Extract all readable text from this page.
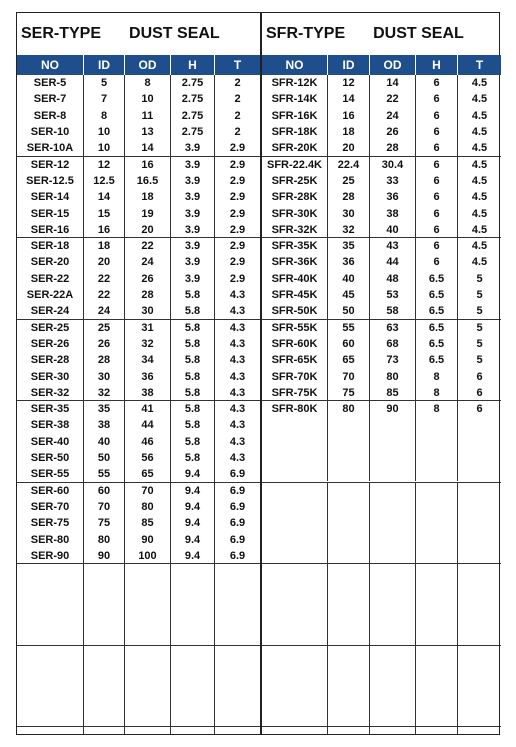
SER-TYPE DUST SEAL
NO	ID	OD	H	T
SER-5	5	8	2.75	2
SER-7	7	10	2.75	2
SER-8	8	11	2.75	2
SER-10	10	13	2.75	2
SER-10A	10	14	3.9	2.9
SER-12	12	16	3.9	2.9
SER-12.5	12.5	16.5	3.9	2.9
SER-14	14	18	3.9	2.9
SER-15	15	19	3.9	2.9
SER-16	16	20	3.9	2.9
SER-18	18	22	3.9	2.9
SER-20	20	24	3.9	2.9
SER-22	22	26	3.9	2.9
SER-22A	22	28	5.8	4.3
SER-24	24	30	5.8	4.3
SER-25	25	31	5.8	4.3
SER-26	26	32	5.8	4.3
SER-28	28	34	5.8	4.3
SER-30	30	36	5.8	4.3
SER-32	32	38	5.8	4.3
SER-35	35	41	5.8	4.3
SER-38	38	44	5.8	4.3
SER-40	40	46	5.8	4.3
SER-50	50	56	5.8	4.3
SER-55	55	65	9.4	6.9
SER-60	60	70	9.4	6.9
SER-70	70	80	9.4	6.9
SER-75	75	85	9.4	6.9
SER-80	80	90	9.4	6.9
SER-90	90	100	9.4	6.9
SFR-TYPE DUST SEAL
NO	ID	OD	H	T
SFR-12K	12	14	6	4.5
SFR-14K	14	22	6	4.5
SFR-16K	16	24	6	4.5
SFR-18K	18	26	6	4.5
SFR-20K	20	28	6	4.5
SFR-22.4K	22.4	30.4	6	4.5
SFR-25K	25	33	6	4.5
SFR-28K	28	36	6	4.5
SFR-30K	30	38	6	4.5
SFR-32K	32	40	6	4.5
SFR-35K	35	43	6	4.5
SFR-36K	36	44	6	4.5
SFR-40K	40	48	6.5	5
SFR-45K	45	53	6.5	5
SFR-50K	50	58	6.5	5
SFR-55K	55	63	6.5	5
SFR-60K	60	68	6.5	5
SFR-65K	65	73	6.5	5
SFR-70K	70	80	8	6
SFR-75K	75	85	8	6
SFR-80K	80	90	8	6
